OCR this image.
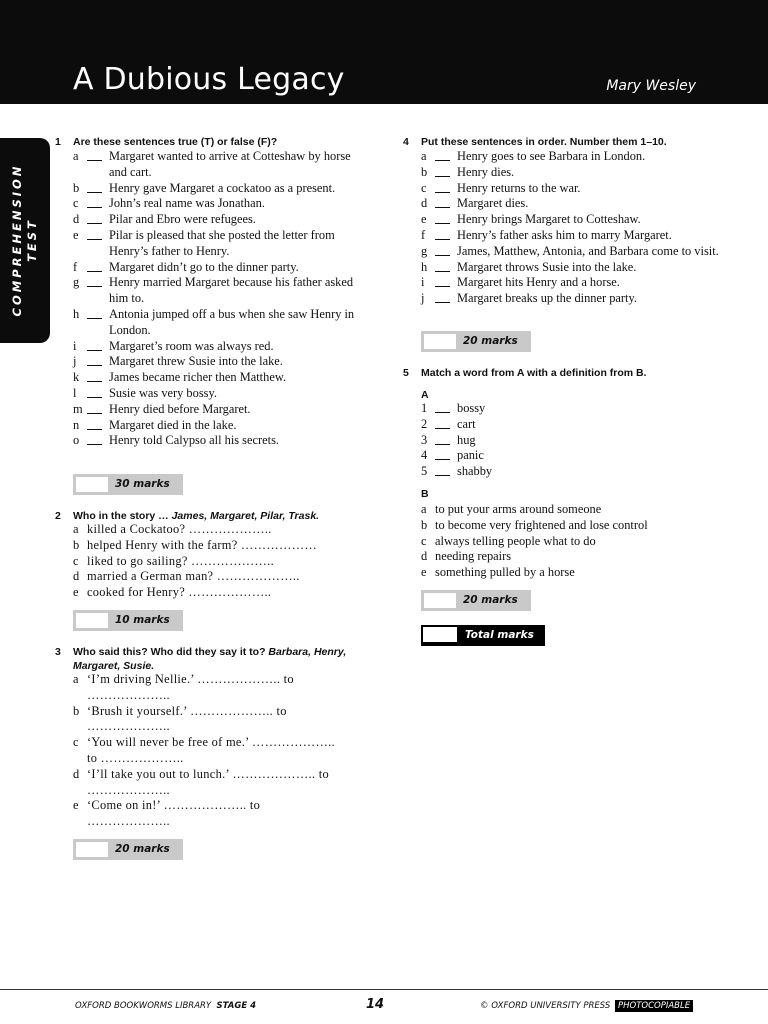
A Dubious Legacy	Mary Wesley
COMPREHENSION TEST
1 Are these sentences true (T) or false (F)?
a Margaret wanted to arrive at Cotteshaw by horse and cart.
b Henry gave Margaret a cockatoo as a present.
c John’s real name was Jonathan.
d Pilar and Ebro were refugees.
e Pilar is pleased that she posted the letter from Henry’s father to Henry.
f	Margaret didn’t go to the dinner party.
g Henry married Margaret because his father asked him to.
h Antonia jumped off a bus when she saw Henry in London.
i	Margaret’s room was always red.
j	Margaret threw Susie into the lake.
k James became richer then Matthew.
l	Susie was very bossy.
m Henry died before Margaret.
n Margaret died in the lake.
o Henry told Calypso all his secrets.
30 marks
2 Who in the story … James, Margaret, Pilar, Trask.
a killed a Cockatoo? ………………..
b helped Henry with the farm? ………………
c liked to go sailing? ………………..
d married a German man? ………………..
e cooked for Henry? ………………..
10 marks
3 Who said this? Who did they say it to? Barbara, Henry, Margaret, Susie.
a ‘I’m driving Nellie.’ ……………….. to
………………..
b ‘Brush it yourself.’ ……………….. to
………………..
c ‘You will never be free of me.’ ………………..
to ………………..
d ‘I’ll take you out to lunch.’ ……………….. to
………………..
e ‘Come on in!’ ……………….. to
………………..
20 marks
4 Put these sentences in order. Number them 1–10.
a Henry goes to see Barbara in London.
b Henry dies.
c Henry returns to the war.
d Margaret dies.
e Henry brings Margaret to Cotteshaw.
f	Henry’s father asks him to marry Margaret.
g James, Matthew, Antonia, and Barbara come to visit.
h Margaret throws Susie into the lake.
i	Margaret hits Henry and a horse.
j	Margaret breaks up the dinner party.
20 marks
5 Match a word from A with a definition from B.
A
1 bossy
2 cart
3 hug
4 panic
5 shabby
B
a to put your arms around someone
b to become very frightened and lose control
c always telling people what to do
d needing repairs
e something pulled by a horse
20 marks
Total marks
OXFORD BOOKWORMS LIBRARY STAGE 4	14	© OXFORD UNIVERSITY PRESS PHOTOCOPIABLE
